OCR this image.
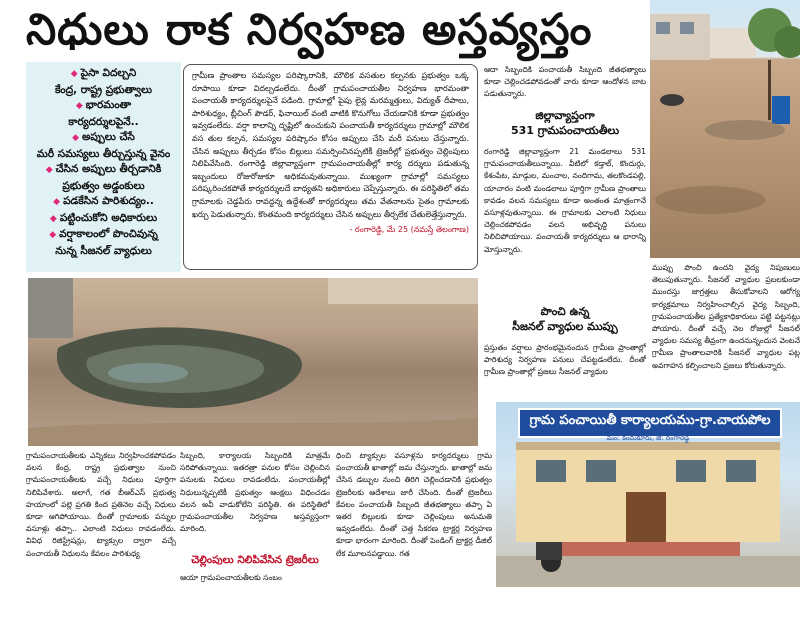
నిధులు రాక నిర్వహణ అస్తవ్యస్తం
◆ పైసా విదల్చని
కేంద్ర, రాష్ట్ర ప్రభుత్వాలు
◆ భారమంతా
కార్యదర్శులపైనే..
◆ అప్పులు చేసే
మరీ సమస్యలు తీర్చుస్తున్న వైనం
◆ చేసిన అప్పులు తీర్చడానికి
ప్రభుత్వం అడ్డంకులు
◆ పడకేసిన పారిశుద్యం..
◆ పట్టించుకోని అధికారులు
◆ వర్షాకాలంలో పొంచివున్న
నున్న సీజనల్ వ్యాధులు
గ్రామీణ ప్రాంతాల సమస్యల పరిష్కారానికి, మౌలిక వసతుల కల్పనకు ప్రభుత్వం ఒక్క రూపాయి కూడా విదల్చడంలేదు. దీంతో గ్రామపంచాయతీల నిర్వహణ భారమంతా పంచాయతీ కార్యదర్శులపైనే పడింది. గ్రామాల్లో పైపు లైన్ల మరమ్మత్తులు, విద్యుత్ దీపాలు, పారిశుధ్యం, బ్లీచింగ్ పౌడర్, ఫినాయిల్ వంటి వాటికి కొనుగోలు చేయడానికి కూడా ప్రభుత్వం ఇవ్వడంలేదు. వర్షా కాలాన్ని దృష్టిలో ఉంచుకుని పంచాయతీ కార్యదర్శులు గ్రామాల్లో మౌలిక వస తుల కల్పన, సమస్యల పరిష్కారం కోసం అప్పులు చేసి మరీ పనులు చేస్తున్నారు. చేసిన అప్పులు తీర్చడం కోసం బిల్లులు సమర్పించినప్పటికీ ట్రెజరీల్లో ప్రభుత్వం చెల్లింపులు నిలిపివేసింది. రంగారెడ్డి జిల్లావ్యాప్తంగా గ్రామపంచాయతీల్లో కార్య దర్శులు పడుతున్న ఇబ్బందులు రోజురోజుకూ అధికమవుతున్నాయి. ముఖ్యంగా గ్రామాల్లో సమస్యలు పరిష్కరించకపోతే కార్యదర్శులదే బాధ్యతని అధికారులు చెప్పేస్తున్నారు. ఈ పరిస్థితిలో తమ గ్రామాలకు చెడ్డపేరు రావద్దన్న ఉద్దేశంతో కార్యదర్శులు తమ వేతనాలను సైతం గ్రామాలకు ఖర్చు పెడుతున్నారు. కొంతమంది కార్యదర్శులు చేసిన అప్పులు తీర్చలేక చేతులెత్తేస్తున్నారు.
- రంగారెడ్డి, మే 25 (నమస్తే తెలంగాణ)
ఆదా సిబ్బందికి పంచాయతీ సిబ్బంది జీతభత్యాలు కూడా చెల్లించడపోవడంతో వారు కూడా ఆందోళన బాట పడుతున్నారు.
జిల్లావ్యాప్తంగా
531 గ్రామపంచాయతీలు
రంగారెడ్డి జిల్లావ్యాప్తంగా 21 మండలాలు 531 గ్రామపంచాయతీలున్నాయి. వీటిలో కడ్తాల్, కొందుర్గు, కేశంపేట, మాడ్గుల, మంచాల, నందిగామ, తలకొండపల్లి, యాచారం వంటి మండలాలు పూర్తిగా గ్రామీణ ప్రాంతాలు కావడం వలన సమస్యలు కూడా అంతంత మాత్రంగానే వసూళ్లవుతున్నాయి. ఈ గ్రామాలకు ఎలాంటి నిధులు చెల్లించకపోవడం వలన అభివృద్ధి పనులు నిలిచిపోయాయి. పంచాయతీ కార్యదర్శులు ఆ భారాన్ని మోస్తున్నారు.
పొంచి ఉన్న
సీజనల్ వ్యాధుల ముప్పు
ప్రస్తుతం వర్షాలు ప్రారంభమైనందున గ్రామీణ ప్రాంతాల్లో పారిశుద్య నిర్వహణ పనులు చేపట్టడంలేదు. దీంతో గ్రామీణ ప్రాంతాల్లో ప్రజలు సీజనల్ వ్యాధుల
ముప్పు పొంచి ఉందని వైద్య నిపుణులు తెలుపుతున్నారు. సీజనల్ వ్యాధుల ప్రబలకుండా ముందస్తు జాగ్రత్తలు తీసుకోవాలని ఆరోగ్య కార్యక్రమాలు నిర్వహించాల్సిన వైద్య సిబ్బంది, గ్రామపంచాయతీల ప్రత్యేకాధికారులు పట్టి పట్టనట్లు పోయారు. దీంతో వచ్చే నెల రోజుల్లో సీజనల్ వ్యాధుల సమస్య తీవ్రంగా ఉందనున్నందున వెంటనే గ్రామీణ ప్రాంతాలవారికి సీజనల్ వ్యాధుల పట్ల అవగాహన కల్పించాలని ప్రజలు కోరుతున్నారు.
గ్రామపంచాయతీలకు ఎన్నికలు నిర్వహించకపోవడం వలన కేంద్ర, రాష్ట్ర ప్రభుత్వాల నుంచి గ్రామపంచాయతీలకు వచ్చే నిధులు పూర్తిగా నిలిపివేశారు. అలాగే, గత బీఆర్ఎస్ ప్రభుత్వ హయాంలో పల్లె ప్రగతి కింద ప్రతినెల వచ్చే నిధులు కూడా ఆగిపోయాయి. దీంతో గ్రామాలకు పన్నుల వసూళ్లు తప్పా.. ఎలాంటి నిధులు రావడంలేదు. వివిధ రిజిస్ట్రేషన్లు, ట్యాక్సుల ద్వారా వచ్చే పంచాయతీ నిధులను కేవలం పారిశుధ్య
సిబ్బంది, కార్యాలయ సిబ్బందికి మాత్రమే సరిపోతున్నాయి. ఇతరత్రా పనుల కోసం చెల్లించిన పనులకు నిధులు రావడంలేదు. పంచాయతీల్లో నిధులున్నప్పటికీ ప్రభుత్వం ఆంక్షలు విధించడం వలన అవీ వాడుకోలేని పరిస్థితి. ఈ పరిస్థితిలో గ్రామపంచాయతీల నిర్వహణ అస్తవ్యస్తంగా మారింది.
చెల్లింపులు నిలిపివేసిన ట్రెజరీలు
ఆయా గ్రామపంచాయతీలకు సంబం
ధించి ట్యాక్సుల వసూళ్లను కార్యదర్శులు గ్రామ పంచాయతీ ఖాతాల్లో జమ చేస్తున్నారు. ఖాతాల్లో జమ చేసిన డబ్బుల నుంచి తిరిగి చెల్లించడానికి ప్రభుత్వం ట్రెజరీలకు ఆదేశాలు జారీ చేసింది. దీంతో ట్రెజరీలు కేవలం పంచాయతీ సిబ్బంది జీతభత్యాలు తప్పా ఏ ఇతర బిల్లులకు కూడా చెల్లింపులు అనుమతి ఇవ్వడంలేదు. దీంతో చెత్త సేకరణ ట్రాక్టర్ల నిర్వహణ కూడా భారంగా మారింది. దీంతో పెండింగ్ ట్రాక్టర్ల డీజిల్ లేక మూలనపడ్డాయి. గత
గ్రామ పంచాయితీ కార్యాలయము-గ్రా.చాయపోల
మం: కందుకూరు, జి: రంగారెడ్డి
